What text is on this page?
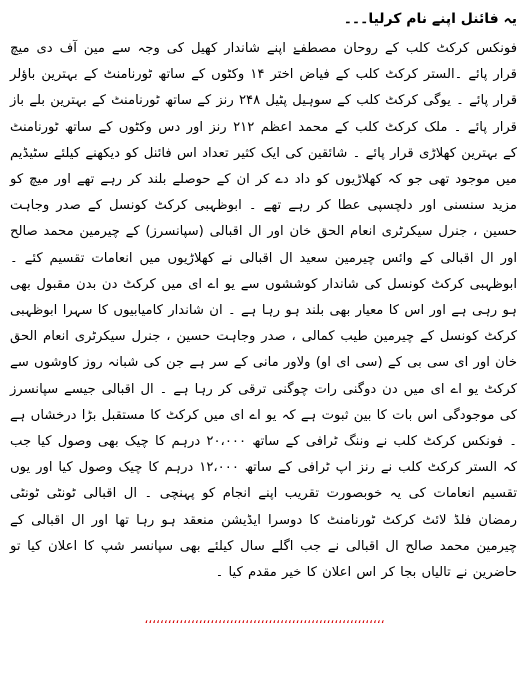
یہ فائنل اپنے نام کرلیا۔۔۔

فونکس کرکٹ کلب کے روحان مصطفےٰ اپنے شاندار کھیل کی وجہ سے مین آف دی میچ قرار پائے ۔الستر کرکٹ کلب کے فیاض اختر ۱۴ وکٹوں کے ساتھ ٹورنامنٹ کے بہترین باؤلر قرار پائے ۔ یوگی کرکٹ کلب کے سوہیل پٹیل ۲۴۸ رنز کے ساتھ ٹورنامنٹ کے بہترین بلے باز قرار پائے ۔ ملک کرکٹ کلب کے محمد اعظم ۲۱۲ رنز اور دس وکٹوں کے ساتھ ٹورنامنٹ کے بہترین کھلاڑی قرار پائے ۔ شائقین کی ایک کثیر تعداد اس فائنل کو دیکھنے کیلئے سٹیڈیم میں موجود تھی جو کہ کھلاڑیوں کو داد دے کر ان کے حوصلے بلند کر رہے تھے اور میچ کو مزید سنسنی اور دلچسپی عطا کر رہے تھے ۔ ابوظہبی کرکٹ کونسل کے صدر وجاہت حسین ، جنرل سیکرٹری انعام الحق خان اور ال اقبالی (سپانسرز) کے چیرمین محمد صالح اور ال اقبالی کے وائس چیرمین سعید ال اقبالی نے کھلاڑیوں میں انعامات تقسیم کئے ۔ ابوظہبی کرکٹ کونسل کی شاندار کوششوں سے یو اے ای میں کرکٹ دن بدن مقبول بھی ہو رہی ہے اور اس کا معیار بھی بلند ہو رہا ہے ۔ ان شاندار کامیابیوں کا سہرا ابوظہبی کرکٹ کونسل کے چیرمین طیب کمالی ، صدر وجاہت حسین ، جنرل سیکرٹری انعام الحق خان اور ای سی بی کے (سی ای او) ولاور مانی کے سر ہے جن کی شبانہ روز کاوشوں سے کرکٹ یو اے ای میں دن دوگنی رات چوگنی ترقی کر رہا ہے ۔ ال اقبالی جیسے سپانسرز کی موجودگی اس بات کا بین ثبوت ہے کہ یو اے ای میں کرکٹ کا مستقبل بڑا درخشاں ہے ۔ فونکس کرکٹ کلب نے وننگ ٹرافی کے ساتھ ۲۰،۰۰۰ درہم کا چیک بھی وصول کیا جب کہ الستر کرکٹ کلب نے رنز اپ ٹرافی کے ساتھ ۱۲،۰۰۰ درہم کا چیک وصول کیا اور یوں تقسیم انعامات کی یہ خوبصورت تقریب اپنے انجام کو پہنچی ۔ ال اقبالی ٹونٹی ٹونٹی رمضان فلڈ لائٹ کرکٹ ٹورنامنٹ کا دوسرا ایڈیشن منعقد ہو رہا تھا اور ال اقبالی کے چیرمین محمد صالح ال اقبالی نے جب اگلے سال کیلئے بھی سپانسر شپ کا اعلان کیا تو حاضرین نے تالیاں بجا کر اس اعلان کا خیر مقدم کیا ۔

،،،،،،،،،،،،،،،،،،،،،،،،،،،،،،،،،،،،،،،،،،،،،،،،،،،،،،،،،،،،،،
